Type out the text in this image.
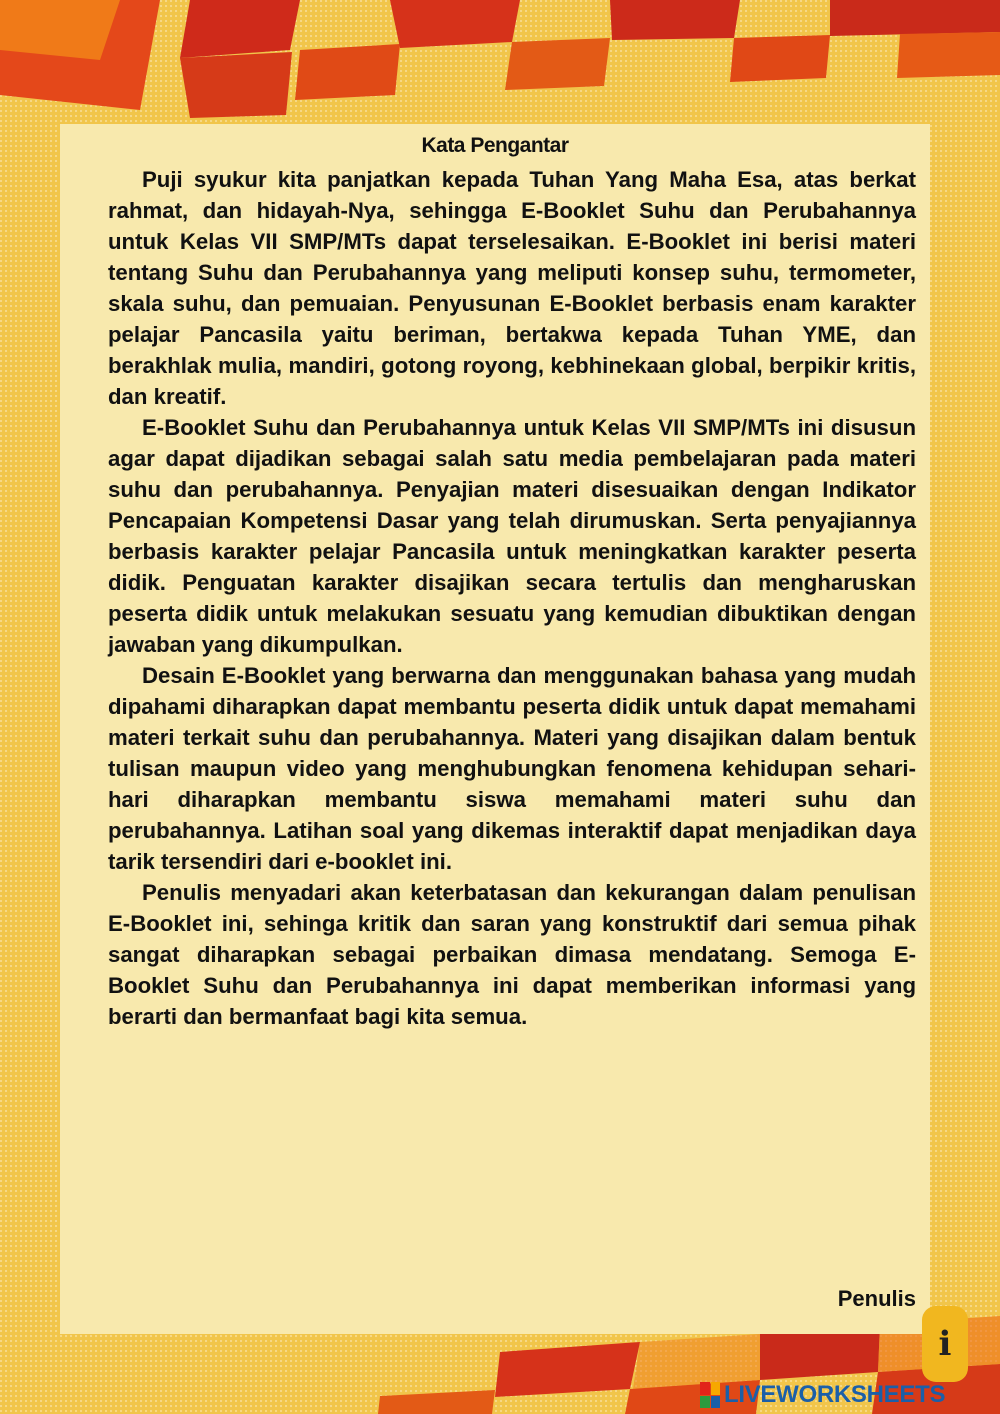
Kata Pengantar

Puji syukur kita panjatkan kepada Tuhan Yang Maha Esa, atas berkat rahmat, dan hidayah-Nya, sehingga E-Booklet Suhu dan Perubahannya untuk Kelas VII SMP/MTs dapat terselesaikan. E-Booklet ini berisi materi tentang Suhu dan Perubahannya yang meliputi konsep suhu, termometer, skala suhu, dan pemuaian. Penyusunan E-Booklet berbasis enam karakter pelajar Pancasila yaitu beriman, bertakwa kepada Tuhan YME, dan berakhlak mulia, mandiri, gotong royong, kebhinekaan global, berpikir kritis, dan kreatif.

E-Booklet Suhu dan Perubahannya untuk Kelas VII SMP/MTs ini disusun agar dapat dijadikan sebagai salah satu media pembelajaran pada materi suhu dan perubahannya. Penyajian materi disesuaikan dengan Indikator Pencapaian Kompetensi Dasar yang telah dirumuskan. Serta penyajiannya berbasis karakter pelajar Pancasila untuk meningkatkan karakter peserta didik. Penguatan karakter disajikan secara tertulis dan mengharuskan peserta didik untuk melakukan sesuatu yang kemudian dibuktikan dengan jawaban yang dikumpulkan.

Desain E-Booklet yang berwarna dan menggunakan bahasa yang mudah dipahami diharapkan dapat membantu peserta didik untuk dapat memahami materi terkait suhu dan perubahannya. Materi yang disajikan dalam bentuk tulisan maupun video yang menghubungkan fenomena kehidupan sehari-hari diharapkan membantu siswa memahami materi suhu dan perubahannya. Latihan soal yang dikemas interaktif dapat menjadikan daya tarik tersendiri dari e-booklet ini.

Penulis menyadari akan keterbatasan dan kekurangan dalam penulisan E-Booklet ini, sehinga kritik dan saran yang konstruktif dari semua pihak sangat diharapkan sebagai perbaikan dimasa mendatang. Semoga E-Booklet Suhu dan Perubahannya ini dapat memberikan informasi yang berarti dan bermanfaat bagi kita semua.

Penulis
i
LIVEWORKSHEETS
